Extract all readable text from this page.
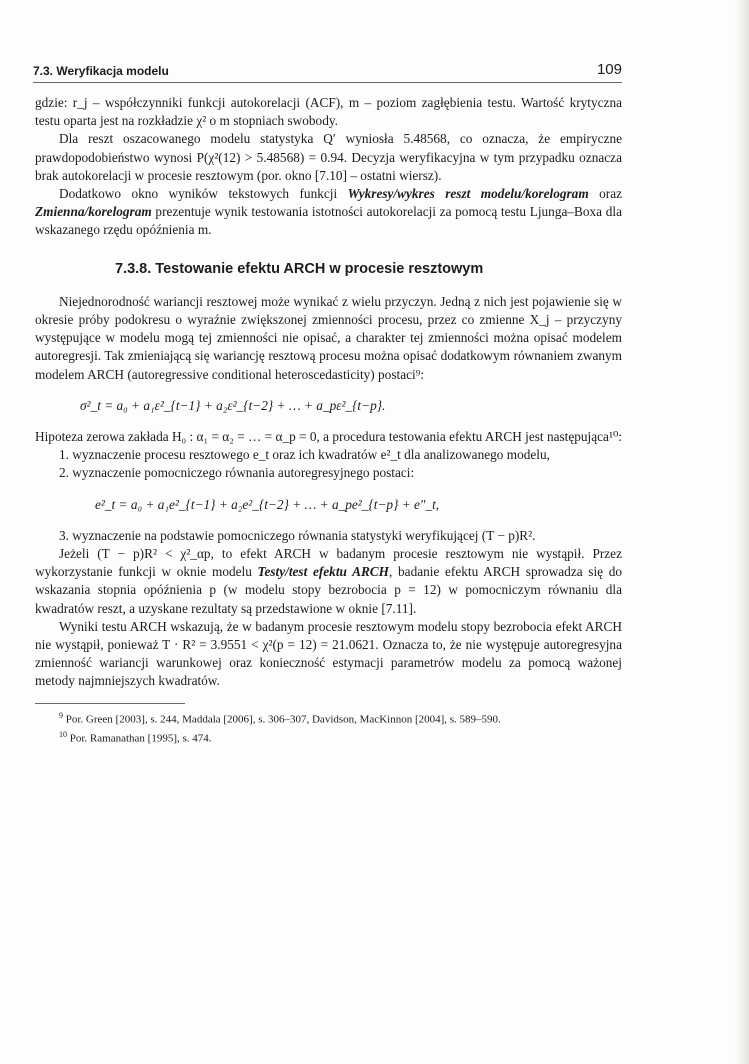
7.3. Weryfikacja modelu	109

gdzie: r_j – współczynniki funkcji autokorelacji (ACF), m – poziom zagłębienia testu. Wartość krytyczna testu oparta jest na rozkładzie χ² o m stopniach swobody.

Dla reszt oszacowanego modelu statystyka Q′ wyniosła 5.48568, co oznacza, że empiryczne prawdopodobieństwo wynosi P(χ²(12) > 5.48568) = 0.94. Decyzja weryfikacyjna w tym przypadku oznacza brak autokorelacji w procesie resztowym (por. okno [7.10] – ostatni wiersz).

Dodatkowo okno wyników tekstowych funkcji Wykresy/wykres reszt modelu/korelogram oraz Zmienna/korelogram prezentuje wynik testowania istotności autokorelacji za pomocą testu Ljunga–Boxa dla wskazanego rzędu opóźnienia m.

7.3.8. Testowanie efektu ARCH w procesie resztowym

Niejednorodność wariancji resztowej może wynikać z wielu przyczyn. Jedną z nich jest pojawienie się w okresie próby podokresu o wyraźnie zwiększonej zmienności procesu, przez co zmienne X_j – przyczyny występujące w modelu mogą tej zmienności nie opisać, a charakter tej zmienności można opisać modelem autoregresji. Tak zmieniającą się wariancję resztową procesu można opisać dodatkowym równaniem zwanym modelem ARCH (autoregressive conditional heteroscedasticity) postaci⁹:

σ²_t = a₀ + a₁ε²_{t−1} + a₂ε²_{t−2} + … + a_pε²_{t−p}.

Hipoteza zerowa zakłada H₀ : α₁ = α₂ = … = α_p = 0, a procedura testowania efektu ARCH jest następująca¹⁰:

1. wyznaczenie procesu resztowego e_t oraz ich kwadratów e²_t dla analizowanego modelu,

2. wyznaczenie pomocniczego równania autoregresyjnego postaci:

e²_t = a₀ + a₁e²_{t−1} + a₂e²_{t−2} + … + a_pe²_{t−p} + e″_t,

3. wyznaczenie na podstawie pomocniczego równania statystyki weryfikującej (T − p)R².

Jeżeli (T − p)R² < χ²_αp, to efekt ARCH w badanym procesie resztowym nie wystąpił. Przez wykorzystanie funkcji w oknie modelu Testy/test efektu ARCH, badanie efektu ARCH sprowadza się do wskazania stopnia opóźnienia p (w modelu stopy bezrobocia p = 12) w pomocniczym równaniu dla kwadratów reszt, a uzyskane rezultaty są przedstawione w oknie [7.11].

Wyniki testu ARCH wskazują, że w badanym procesie resztowym modelu stopy bezrobocia efekt ARCH nie wystąpił, ponieważ T · R² = 3.9551 < χ²(p = 12) = 21.0621. Oznacza to, że nie występuje autoregresyjna zmienność wariancji warunkowej oraz konieczność estymacji parametrów modelu za pomocą ważonej metody najmniejszych kwadratów.

$^9$ Por. Green [2003], s. 244, Maddala [2006], s. 306–307, Davidson, MacKinnon [2004], s. 589–590.

$^{10}$ Por. Ramanathan [1995], s. 474.
